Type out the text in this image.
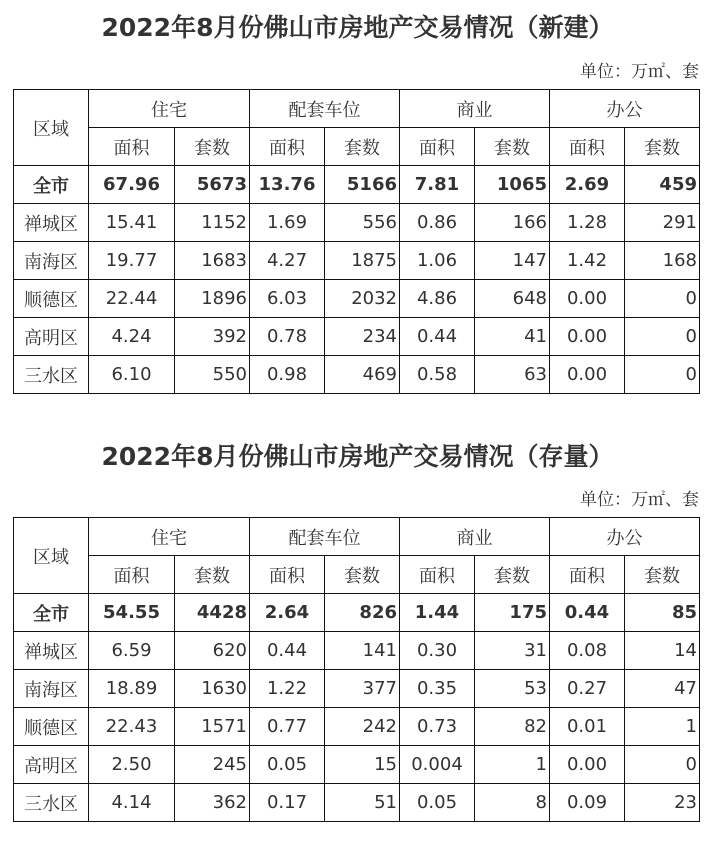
2022年8月份佛山市房地产交易情况（新建）
单位：万㎡、套
区域	住宅		配套车位		商业		办公	
	面积	套数	面积	套数	面积	套数	面积	套数
全市	67.96	5673	13.76	5166	7.81	1065	2.69	459
禅城区	15.41	1152	1.69	556	0.86	166	1.28	291
南海区	19.77	1683	4.27	1875	1.06	147	1.42	168
顺德区	22.44	1896	6.03	2032	4.86	648	0.00	0
高明区	4.24	392	0.78	234	0.44	41	0.00	0
三水区	6.10	550	0.98	469	0.58	63	0.00	0
2022年8月份佛山市房地产交易情况（存量）
单位：万㎡、套
区域	住宅		配套车位		商业		办公	
	面积	套数	面积	套数	面积	套数	面积	套数
全市	54.55	4428	2.64	826	1.44	175	0.44	85
禅城区	6.59	620	0.44	141	0.30	31	0.08	14
南海区	18.89	1630	1.22	377	0.35	53	0.27	47
顺德区	22.43	1571	0.77	242	0.73	82	0.01	1
高明区	2.50	245	0.05	15	0.004	1	0.00	0
三水区	4.14	362	0.17	51	0.05	8	0.09	23
